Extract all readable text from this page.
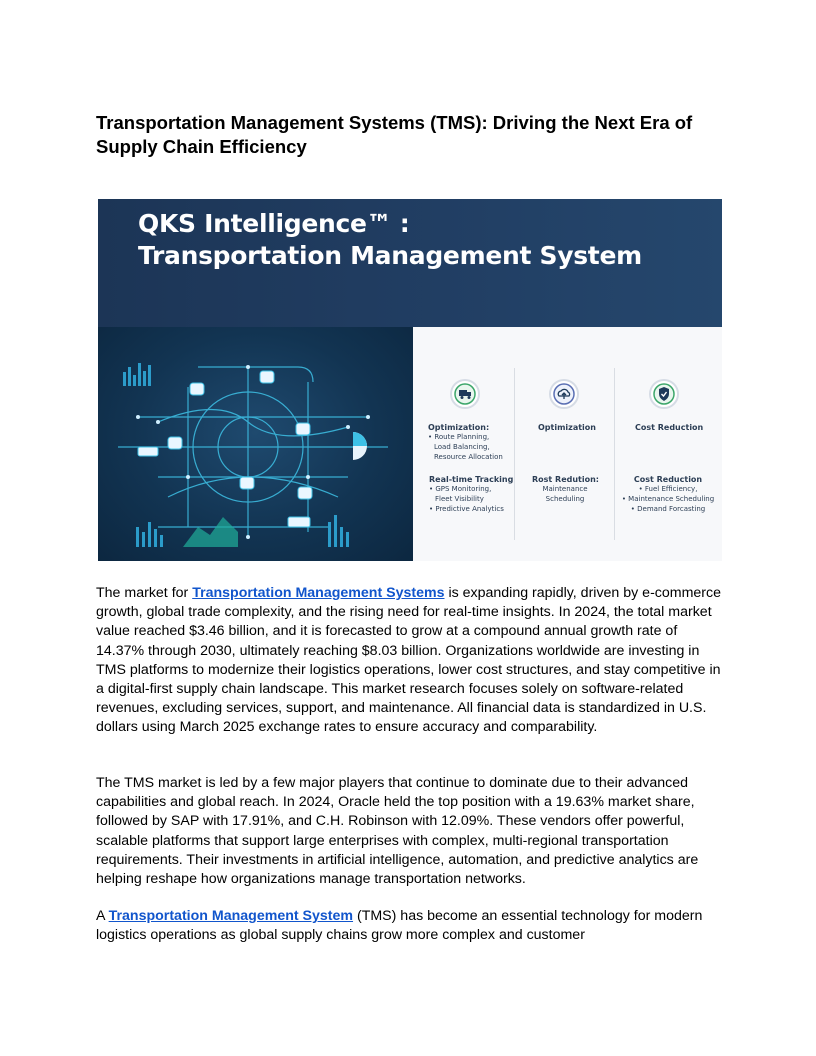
Transportation Management Systems (TMS): Driving the Next Era of Supply Chain Efficiency
QKS Intelligence™ :
Transportation Management System
Optimization:
• Route Planning,
Load Balancing,
Resource Allocation
Optimization	Cost Reduction
Real-time Tracking
• GPS Monitoring,
Fleet Visibility
• Predictive Analytics
Rost Redution:
Maintenance
Scheduling
Cost Reduction
• Fuel Efficiency,
• Maintenance Scheduling
• Demand Forcasting

The market for Transportation Management Systems is expanding rapidly, driven by e-commerce growth, global trade complexity, and the rising need for real-time insights. In 2024, the total market value reached $3.46 billion, and it is forecasted to grow at a compound annual growth rate of 14.37% through 2030, ultimately reaching $8.03 billion. Organizations worldwide are investing in TMS platforms to modernize their logistics operations, lower cost structures, and stay competitive in a digital-first supply chain landscape. This market research focuses solely on software-related revenues, excluding services, support, and maintenance. All financial data is standardized in U.S. dollars using March 2025 exchange rates to ensure accuracy and comparability.

The TMS market is led by a few major players that continue to dominate due to their advanced capabilities and global reach. In 2024, Oracle held the top position with a 19.63% market share, followed by SAP with 17.91%, and C.H. Robinson with 12.09%. These vendors offer powerful, scalable platforms that support large enterprises with complex, multi-regional transportation requirements. Their investments in artificial intelligence, automation, and predictive analytics are helping reshape how organizations manage transportation networks.

A Transportation Management System (TMS) has become an essential technology for modern logistics operations as global supply chains grow more complex and customer
